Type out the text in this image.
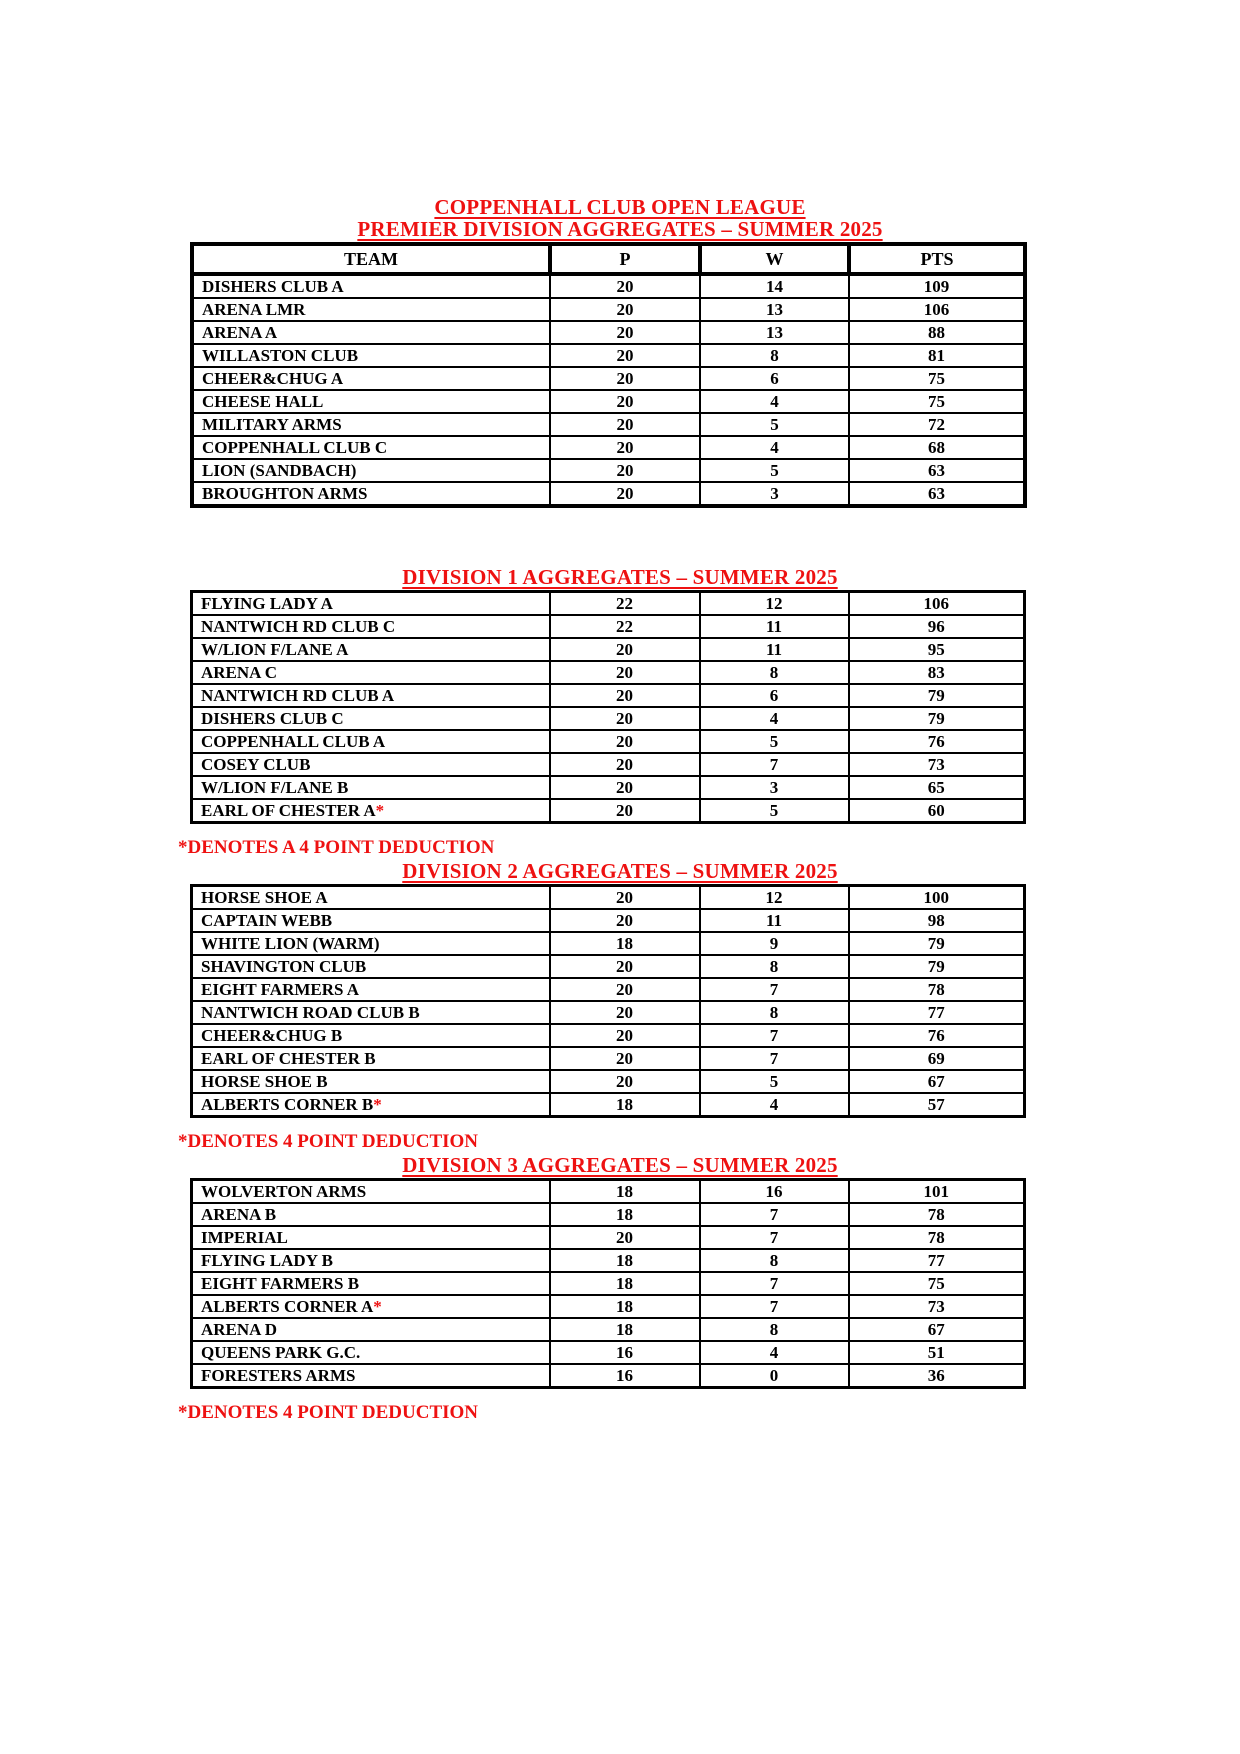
COPPENHALL CLUB OPEN LEAGUE
PREMIER DIVISION AGGREGATES – SUMMER 2025
TEAM	P	W	PTS
DISHERS CLUB A	20	14	109
ARENA LMR	20	13	106
ARENA A	20	13	88
WILLASTON CLUB	20	8	81
CHEER&CHUG A	20	6	75
CHEESE HALL	20	4	75
MILITARY ARMS	20	5	72
COPPENHALL CLUB C	20	4	68
LION (SANDBACH)	20	5	63
BROUGHTON ARMS	20	3	63
DIVISION 1 AGGREGATES – SUMMER 2025
FLYING LADY A	22	12	106
NANTWICH RD CLUB C	22	11	96
W/LION F/LANE A	20	11	95
ARENA C	20	8	83
NANTWICH RD CLUB A	20	6	79
DISHERS CLUB C	20	4	79
COPPENHALL CLUB A	20	5	76
COSEY CLUB	20	7	73
W/LION F/LANE B	20	3	65
EARL OF CHESTER A*	20	5	60
*DENOTES A 4 POINT DEDUCTION
DIVISION 2 AGGREGATES – SUMMER 2025
HORSE SHOE A	20	12	100
CAPTAIN WEBB	20	11	98
WHITE LION (WARM)	18	9	79
SHAVINGTON CLUB	20	8	79
EIGHT FARMERS A	20	7	78
NANTWICH ROAD CLUB B	20	8	77
CHEER&CHUG B	20	7	76
EARL OF CHESTER B	20	7	69
HORSE SHOE B	20	5	67
ALBERTS CORNER B*	18	4	57
*DENOTES 4 POINT DEDUCTION
DIVISION 3 AGGREGATES – SUMMER 2025
WOLVERTON ARMS	18	16	101
ARENA B	18	7	78
IMPERIAL	20	7	78
FLYING LADY B	18	8	77
EIGHT FARMERS B	18	7	75
ALBERTS CORNER A*	18	7	73
ARENA D	18	8	67
QUEENS PARK G.C.	16	4	51
FORESTERS ARMS	16	0	36
*DENOTES 4 POINT DEDUCTION
